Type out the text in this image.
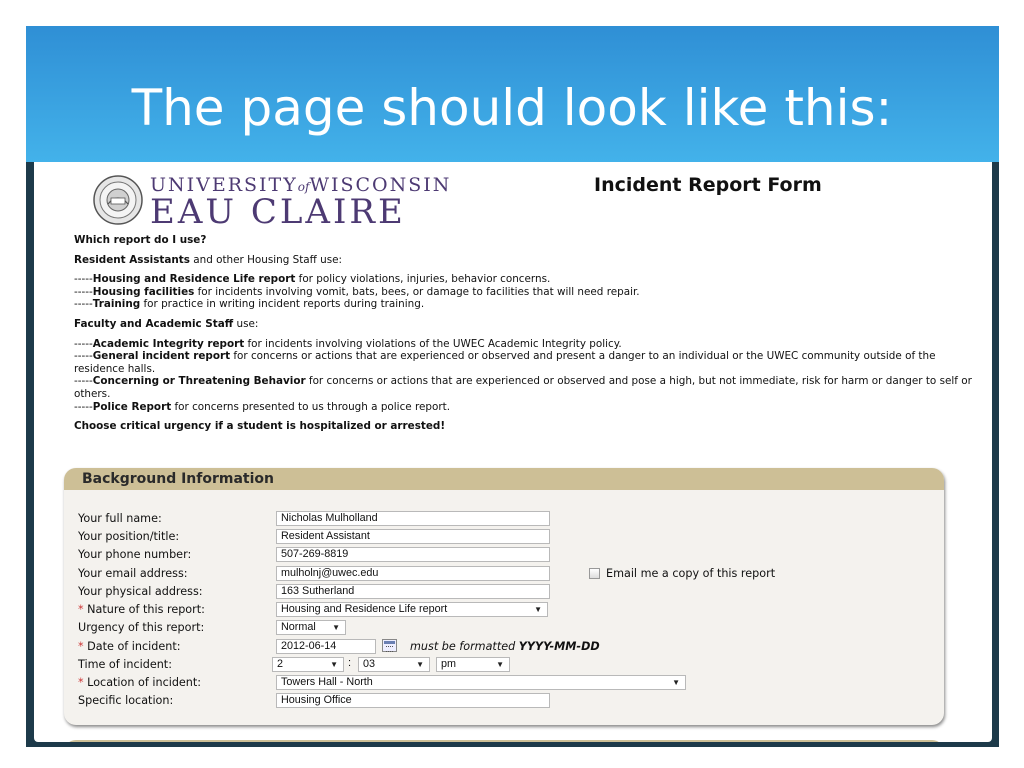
The page should look like this:
UNIVERSITYofWISCONSIN
EAU CLAIRE
Incident Report Form

Which report do I use?

Resident Assistants and other Housing Staff use:

-----Housing and Residence Life report for policy violations, injuries, behavior concerns.
-----Housing facilities for incidents involving vomit, bats, bees, or damage to facilities that will need repair.
-----Training for practice in writing incident reports during training.

Faculty and Academic Staff use:

-----Academic Integrity report for incidents involving violations of the UWEC Academic Integrity policy.
-----General incident report for concerns or actions that are experienced or observed and present a danger to an individual or the UWEC community outside of the residence halls.
-----Concerning or Threatening Behavior for concerns or actions that are experienced or observed and pose a high, but not immediate, risk for harm or danger to self or others.
-----Police Report for concerns presented to us through a police report.

Choose critical urgency if a student is hospitalized or arrested!

Background Information
Your full name:	Nicholas Mulholland
Your position/title:	Resident Assistant
Your phone number:	507-269-8819
Your email address:	mulholnj@uwec.edu	Email me a copy of this report
Your physical address:	163 Sutherland
* Nature of this report:	Housing and Residence Life report	▼
Urgency of this report:	Normal ▼
* Date of incident:	2012-06-14	must be formatted YYYY-MM-DD
Time of incident:	2	▼ :	03	▼	pm	▼
* Location of incident:	Towers Hall - North	▼
Specific location:	Housing Office
